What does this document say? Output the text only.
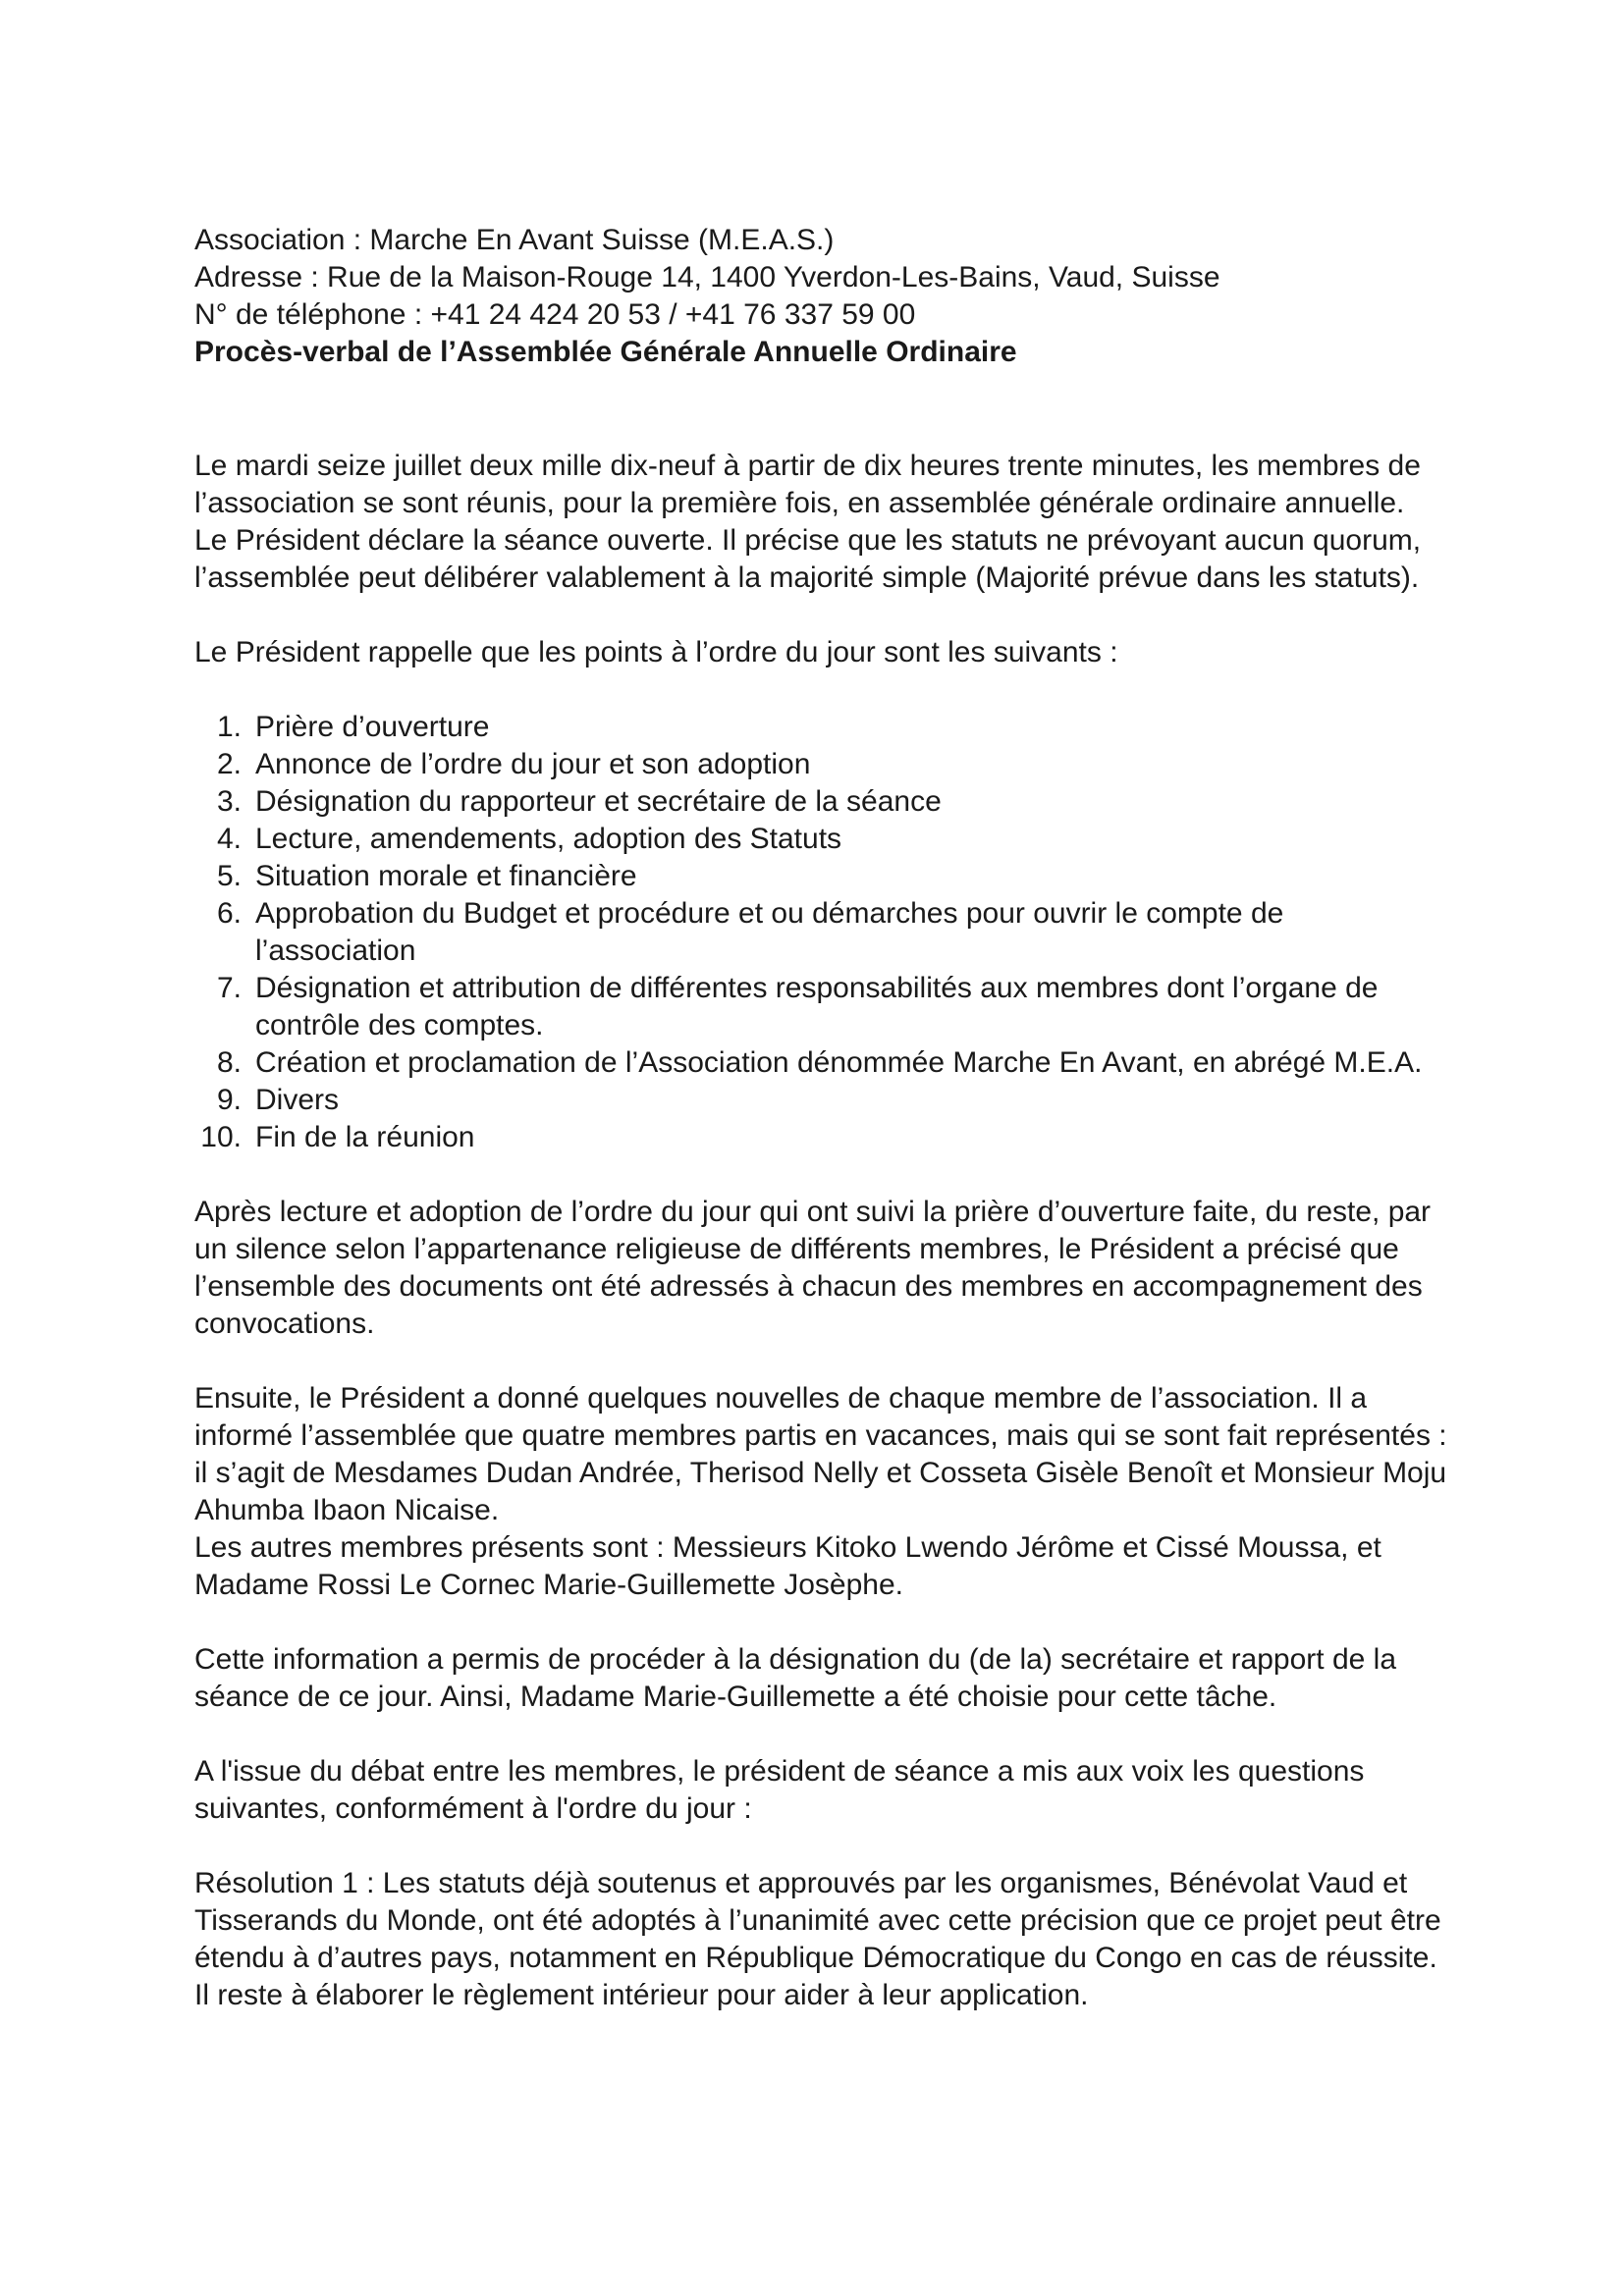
Association : Marche En Avant Suisse (M.E.A.S.)

Adresse : Rue de la Maison-Rouge 14, 1400 Yverdon-Les-Bains, Vaud, Suisse

N° de téléphone : +41 24 424 20 53 / +41 76 337 59 00

Procès-verbal de l’Assemblée Générale Annuelle Ordinaire

Le mardi seize juillet deux mille dix-neuf à partir de dix heures trente minutes, les membres de l’association se sont réunis, pour la première fois, en assemblée générale ordinaire annuelle.

Le Président déclare la séance ouverte. Il précise que les statuts ne prévoyant aucun quorum, l’assemblée peut délibérer valablement à la majorité simple (Majorité prévue dans les statuts).

Le Président rappelle que les points à l’ordre du jour sont les suivants :

1. Prière d’ouverture
2. Annonce de l’ordre du jour et son adoption
3. Désignation du rapporteur et secrétaire de la séance
4. Lecture, amendements, adoption des Statuts
5. Situation morale et financière
6. Approbation du Budget et procédure et ou démarches pour ouvrir le compte de l’association
7. Désignation et attribution de différentes responsabilités aux membres dont l’organe de contrôle des comptes.
8. Création et proclamation de l’Association dénommée Marche En Avant, en abrégé M.E.A.
9. Divers
10. Fin de la réunion

Après lecture et adoption de l’ordre du jour qui ont suivi la prière d’ouverture faite, du reste, par un silence selon l’appartenance religieuse de différents membres, le Président a précisé que l’ensemble des documents ont été adressés à chacun des membres en accompagnement des convocations.

Ensuite, le Président a donné quelques nouvelles de chaque membre de l’association. Il a informé l’assemblée que quatre membres partis en vacances, mais qui se sont fait représentés : il s’agit de Mesdames Dudan Andrée, Therisod Nelly et Cosseta Gisèle Benoît et Monsieur Moju Ahumba Ibaon Nicaise.

Les autres membres présents sont : Messieurs Kitoko Lwendo Jérôme et Cissé Moussa, et Madame Rossi Le Cornec Marie-Guillemette Josèphe.

Cette information a permis de procéder à la désignation du (de la) secrétaire et rapport de la séance de ce jour. Ainsi, Madame Marie-Guillemette a été choisie pour cette tâche.

A l'issue du débat entre les membres, le président de séance a mis aux voix les questions suivantes, conformément à l'ordre du jour :

Résolution 1 : Les statuts déjà soutenus et approuvés par les organismes, Bénévolat Vaud et Tisserands du Monde, ont été adoptés à l’unanimité avec cette précision que ce projet peut être étendu à d’autres pays, notamment en République Démocratique du Congo en cas de réussite. Il reste à élaborer le règlement intérieur pour aider à leur application.
